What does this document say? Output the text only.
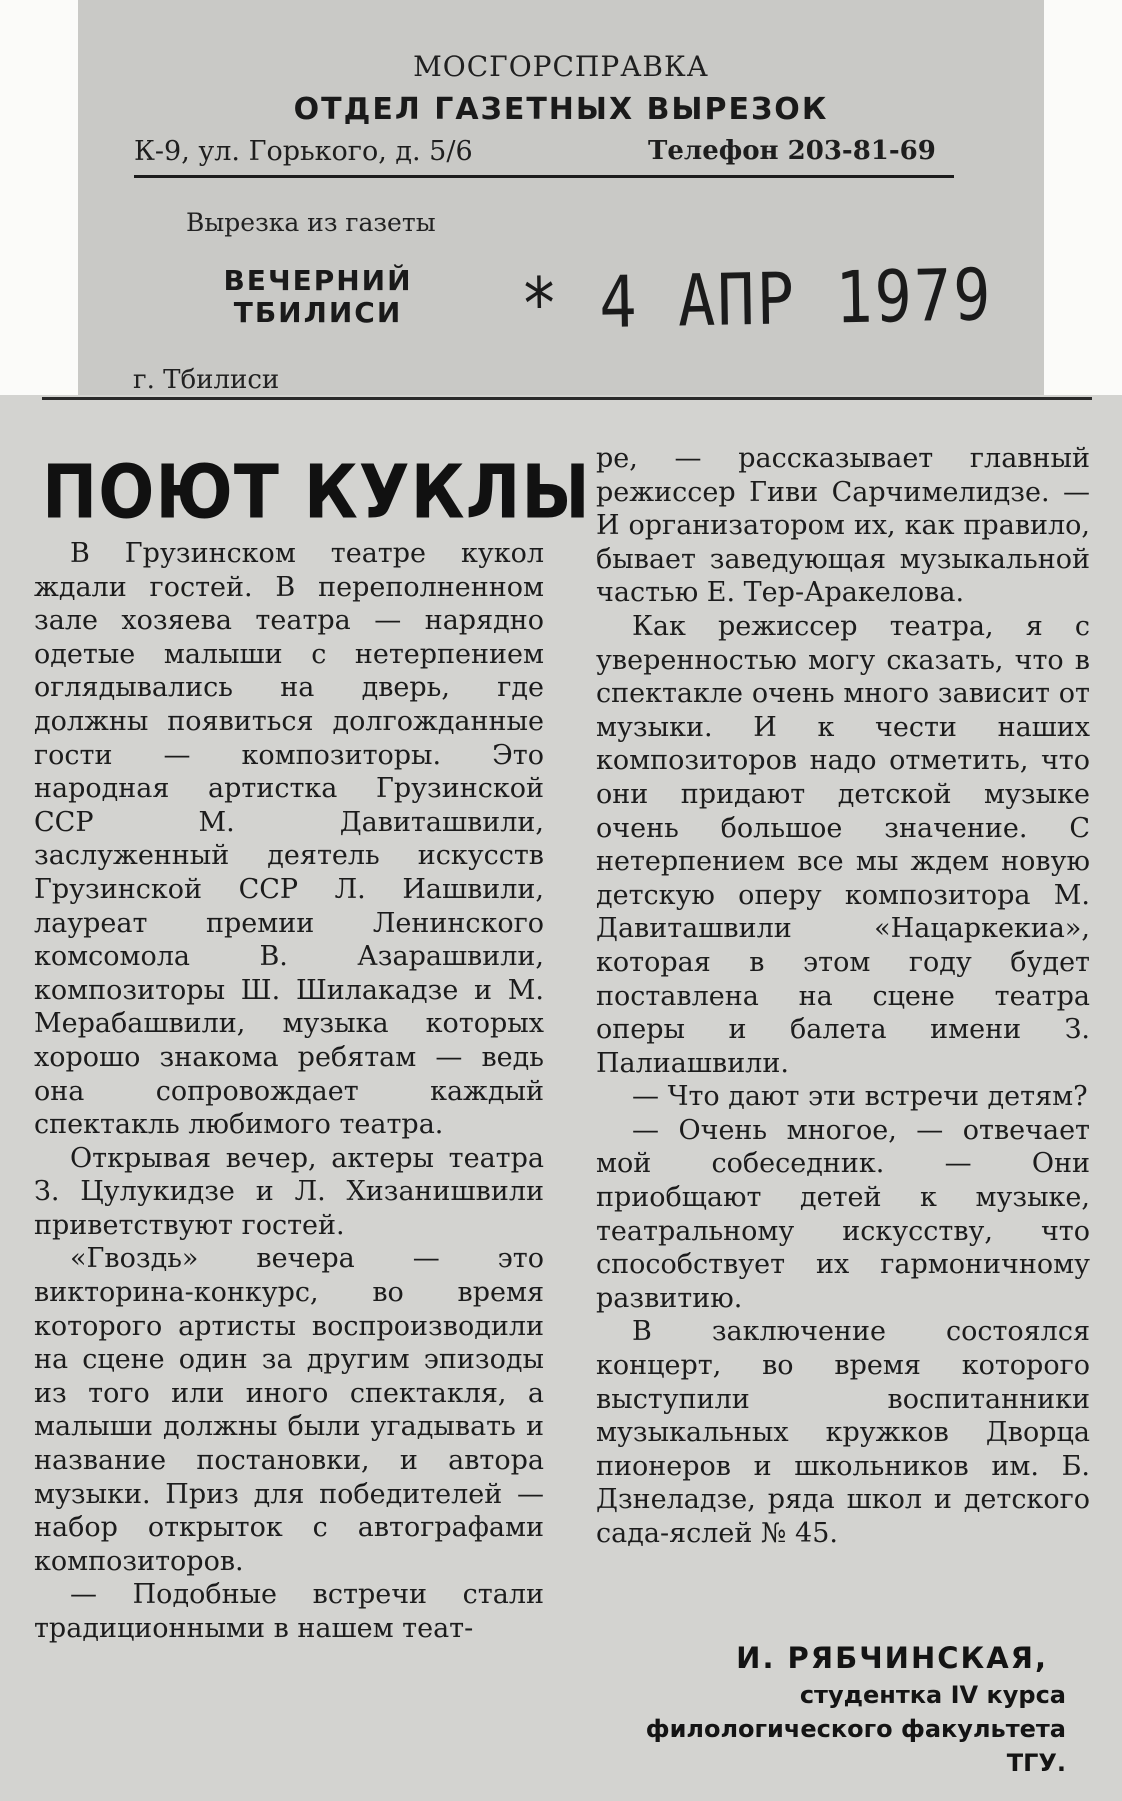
МОСГОРСПРАВКА
ОТДЕЛ ГАЗЕТНЫХ ВЫРЕЗОК
К-9, ул. Горького, д. 5/6	Телефон 203-81-69
Вырезка из газеты
ВЕЧЕРНИЙ
ТБИЛИСИ
г. Тбилиси
* 4 АПР 1979
ПОЮТ КУКЛЫ

В Грузинском театре кукол ждали гостей. В переполненном зале хозяева театра — нарядно одетые малыши с нетерпением оглядывались на дверь, где должны появиться долгожданные гости — композиторы. Это народная артистка Грузинской ССР М. Давиташвили, заслуженный деятель искусств Грузинской ССР Л. Иашвили, лауреат премии Ленинского комсомола В. Азарашвили, композиторы Ш. Шилакадзе и М. Мерабашвили, музыка которых хорошо знакома ребятам — ведь она сопровождает каждый спектакль любимого театра.

Открывая вечер, актеры театра З. Цулукидзе и Л. Хизанишвили приветствуют гостей.

«Гвоздь» вечера — это викторина-конкурс, во время которого артисты воспроизводили на сцене один за другим эпизоды из того или иного спектакля, а малыши должны были угадывать и название постановки, и автора музыки. Приз для победителей — набор открыток с автографами композиторов.

— Подобные встречи стали традиционными в нашем теат-

ре, — рассказывает главный режиссер Гиви Сарчимелидзе. — И организатором их, как правило, бывает заведующая музыкальной частью Е. Тер-Аракелова.

Как режиссер театра, я с уверенностью могу сказать, что в спектакле очень много зависит от музыки. И к чести наших композиторов надо отметить, что они придают детской музыке очень большое значение. С нетерпением все мы ждем новую детскую оперу композитора М. Давиташвили «Нацаркекиа», которая в этом году будет поставлена на сцене театра оперы и балета имени З. Палиашвили.

— Что дают эти встречи детям?

— Очень многое, — отвечает мой собеседник. — Они приобщают детей к музыке, театральному искусству, что способствует их гармоничному развитию.

В заключение состоялся концерт, во время которого выступили воспитанники музыкальных кружков Дворца пионеров и школьников им. Б. Дзнеладзе, ряда школ и детского сада-яслей № 45.

И. РЯБЧИНСКАЯ,
студентка IV курса филологического факультета ТГУ.
